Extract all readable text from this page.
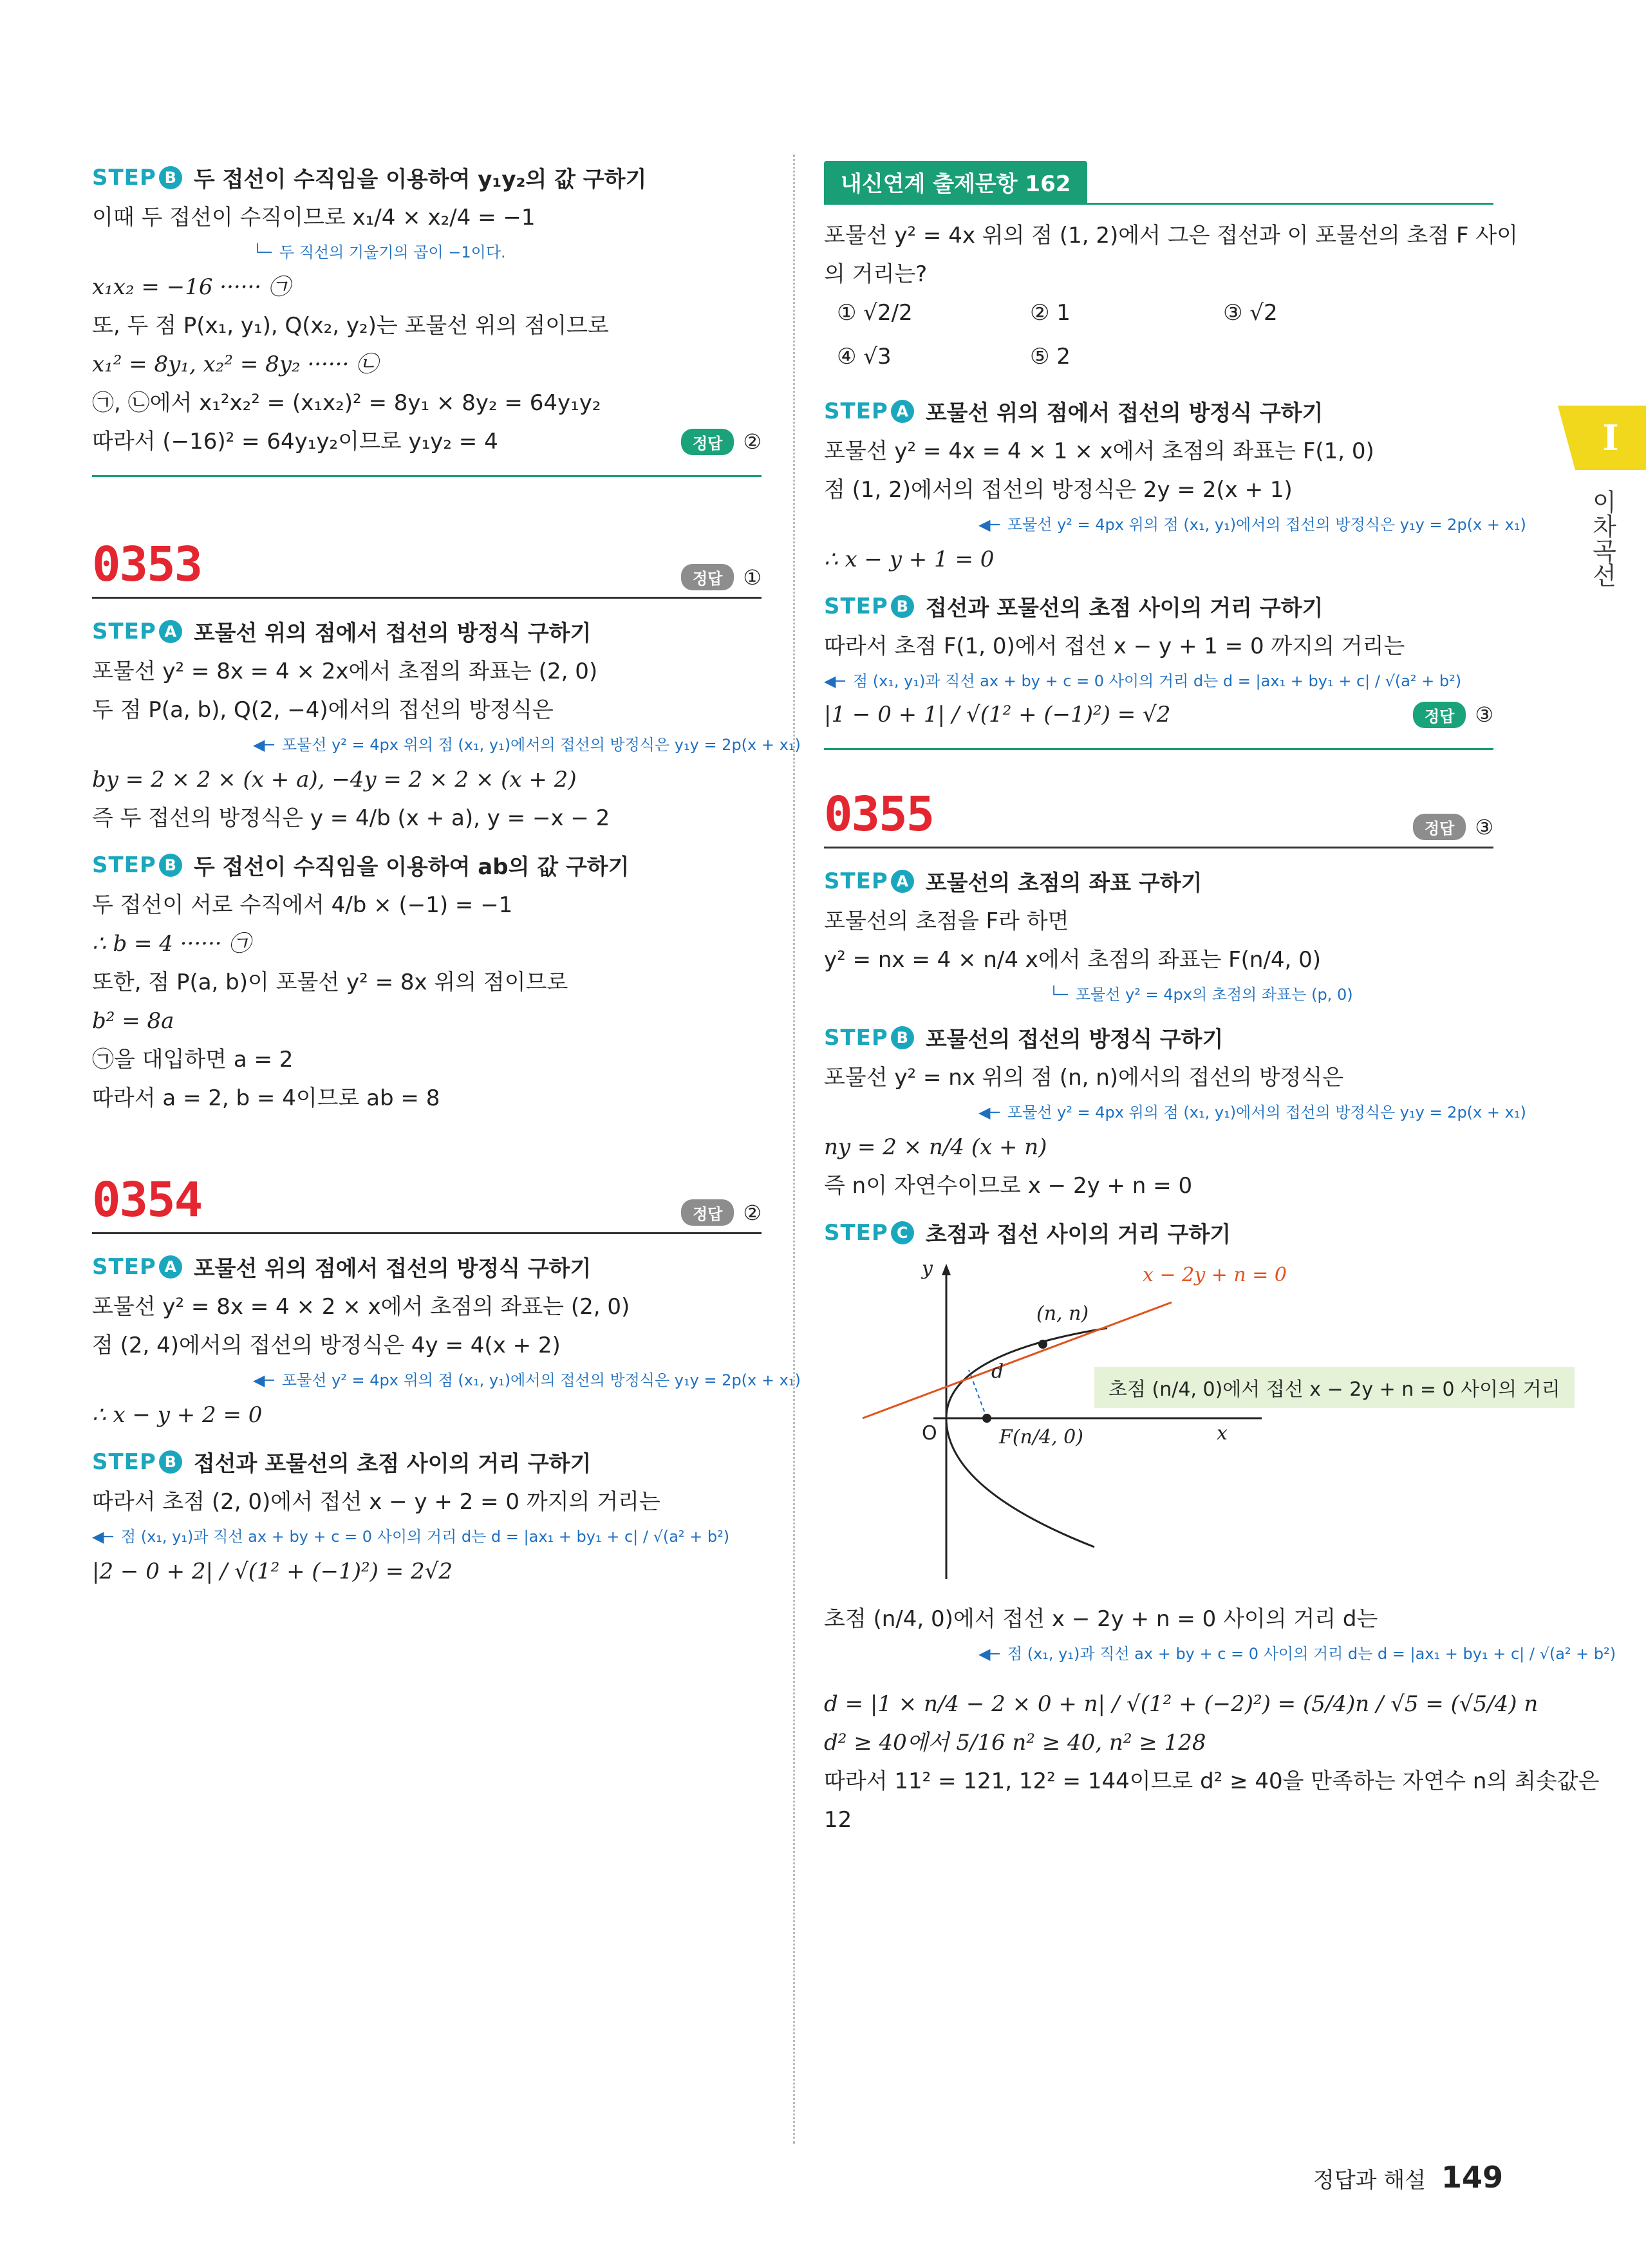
I
이차곡선
STEP B 두 접선이 수직임을 이용하여 y₁y₂의 값 구하기
이때 두 접선이 수직이므로 x₁/4 × x₂/4 = −1
└─ 두 직선의 기울기의 곱이 −1이다.
x₁x₂ = −16 ······ ㉠
또, 두 점 P(x₁, y₁), Q(x₂, y₂)는 포물선 위의 점이므로
x₁² = 8y₁, x₂² = 8y₂ ······ ㉡
㉠, ㉡에서 x₁²x₂² = (x₁x₂)² = 8y₁ × 8y₂ = 64y₁y₂
따라서 (−16)² = 64y₁y₂이므로 y₁y₂ = 4	정답 ②
0353	정답	①
STEP A 포물선 위의 점에서 접선의 방정식 구하기
포물선 y² = 8x = 4 × 2x에서 초점의 좌표는 (2, 0)
두 점 P(a, b), Q(2, −4)에서의 접선의 방정식은
◀─ 포물선 y² = 4px 위의 점 (x₁, y₁)에서의 접선의 방정식은 y₁y = 2p(x + x₁)
by = 2 × 2 × (x + a), −4y = 2 × 2 × (x + 2)
즉 두 접선의 방정식은 y = 4/b (x + a), y = −x − 2
STEP B 두 접선이 수직임을 이용하여 ab의 값 구하기
두 접선이 서로 수직에서 4/b × (−1) = −1
∴ b = 4 ······ ㉠
또한, 점 P(a, b)이 포물선 y² = 8x 위의 점이므로
b² = 8a
㉠을 대입하면 a = 2
따라서 a = 2, b = 4이므로 ab = 8
0354	정답	②
STEP A 포물선 위의 점에서 접선의 방정식 구하기
포물선 y² = 8x = 4 × 2 × x에서 초점의 좌표는 (2, 0)
점 (2, 4)에서의 접선의 방정식은 4y = 4(x + 2)
◀─ 포물선 y² = 4px 위의 점 (x₁, y₁)에서의 접선의 방정식은 y₁y = 2p(x + x₁)
∴ x − y + 2 = 0
STEP B 접선과 포물선의 초점 사이의 거리 구하기
따라서 초점 (2, 0)에서 접선 x − y + 2 = 0 까지의 거리는
◀─ 점 (x₁, y₁)과 직선 ax + by + c = 0 사이의 거리 d는 d = |ax₁ + by₁ + c| / √(a² + b²)
|2 − 0 + 2| / √(1² + (−1)²) = 2√2
내신연계 출제문항 162
포물선 y² = 4x 위의 점 (1, 2)에서 그은 접선과 이 포물선의 초점 F 사이
의 거리는?
① √2/2	② 1	③ √2
④ √3	⑤ 2
STEP A 포물선 위의 점에서 접선의 방정식 구하기
포물선 y² = 4x = 4 × 1 × x에서 초점의 좌표는 F(1, 0)
점 (1, 2)에서의 접선의 방정식은 2y = 2(x + 1)
◀─ 포물선 y² = 4px 위의 점 (x₁, y₁)에서의 접선의 방정식은 y₁y = 2p(x + x₁)
∴ x − y + 1 = 0
STEP B 접선과 포물선의 초점 사이의 거리 구하기
따라서 초점 F(1, 0)에서 접선 x − y + 1 = 0 까지의 거리는
◀─ 점 (x₁, y₁)과 직선 ax + by + c = 0 사이의 거리 d는 d = |ax₁ + by₁ + c| / √(a² + b²)
|1 − 0 + 1| / √(1² + (−1)²) = √2	정답 ③
0355	정답	③
STEP A 포물선의 초점의 좌표 구하기
포물선의 초점을 F라 하면
y² = nx = 4 × n/4 x에서 초점의 좌표는 F(n/4, 0)
└─ 포물선 y² = 4px의 초점의 좌표는 (p, 0)
STEP B 포물선의 접선의 방정식 구하기
포물선 y² = nx 위의 점 (n, n)에서의 접선의 방정식은
◀─ 포물선 y² = 4px 위의 점 (x₁, y₁)에서의 접선의 방정식은 y₁y = 2p(x + x₁)
ny = 2 × n/4 (x + n)
즉 n이 자연수이므로 x − 2y + n = 0
STEP C 초점과 접선 사이의 거리 구하기
x − 2y + n = 0
(n, n)
d
F(n/4, 0)
O	x
y
초점 (n/4, 0)에서 접선 x − 2y + n = 0 사이의 거리
초점 (n/4, 0)에서 접선 x − 2y + n = 0 사이의 거리 d는
◀─ 점 (x₁, y₁)과 직선 ax + by + c = 0 사이의 거리 d는 d = |ax₁ + by₁ + c| / √(a² + b²)
d = |1 × n/4 − 2 × 0 + n| / √(1² + (−2)²) = (5/4)n / √5 = (√5/4) n
d² ≥ 40에서 5/16 n² ≥ 40, n² ≥ 128
따라서 11² = 121, 12² = 144이므로 d² ≥ 40을 만족하는 자연수 n의 최솟값은
12
정답과 해설 149
